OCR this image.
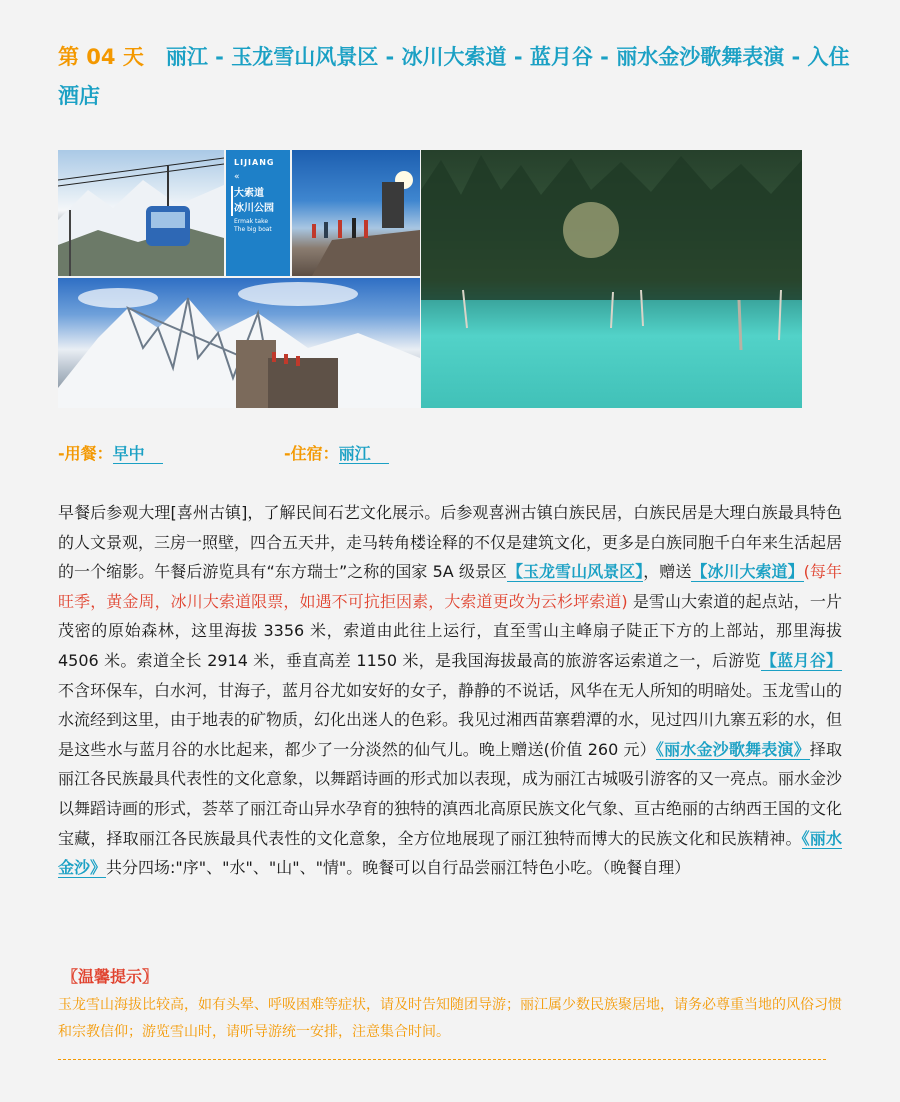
第 04 天 丽江 - 玉龙雪山风景区 - 冰川大索道 - 蓝月谷 - 丽水金沙歌舞表演 - 入住酒店
LIJIANG
«
大索道
冰川公园
Ermak take
The big boat
-用餐：早中	-住宿：丽江
早餐后参观大理[喜州古镇]，了解民间石艺文化展示。后参观喜洲古镇白族民居，白族民居是大理白族最具特色的人文景观，三房一照壁，四合五天井，走马转角楼诠释的不仅是建筑文化，更多是白族同胞千白年来生活起居的一个缩影。午餐后游览具有“东方瑞士”之称的国家 5A 级景区【玉龙雪山风景区】，赠送【冰川大索道】(每年旺季，黄金周，冰川大索道限票，如遇不可抗拒因素，大索道更改为云杉坪索道) 是雪山大索道的起点站，一片茂密的原始森林，这里海拔 3356 米，索道由此往上运行，直至雪山主峰扇子陡正下方的上部站，那里海拔 4506 米。索道全长 2914 米，垂直高差 1150 米，是我国海拔最高的旅游客运索道之一，后游览【蓝月谷】不含环保车，白水河，甘海子，蓝月谷尤如安好的女子，静静的不说话，风华在无人所知的明暗处。玉龙雪山的水流经到这里，由于地表的矿物质，幻化出迷人的色彩。我见过湘西苗寨碧潭的水，见过四川九寨五彩的水，但是这些水与蓝月谷的水比起来，都少了一分淡然的仙气儿。晚上赠送(价值 260 元）《丽水金沙歌舞表演》择取丽江各民族最具代表性的文化意象，以舞蹈诗画的形式加以表现，成为丽江古城吸引游客的又一亮点。丽水金沙以舞蹈诗画的形式，荟萃了丽江奇山异水孕育的独特的滇西北高原民族文化气象、亘古绝丽的古纳西王国的文化宝藏，择取丽江各民族最具代表性的文化意象，全方位地展现了丽江独特而博大的民族文化和民族精神。《丽水金沙》共分四场:"序"、"水"、"山"、"情"。晚餐可以自行品尝丽江特色小吃。（晚餐自理）
〖温馨提示〗
玉龙雪山海拔比较高，如有头晕、呼吸困难等症状，请及时告知随团导游；丽江属少数民族聚居地，请务必尊重当地的风俗习惯和宗教信仰；游览雪山时，请听导游统一安排，注意集合时间。
